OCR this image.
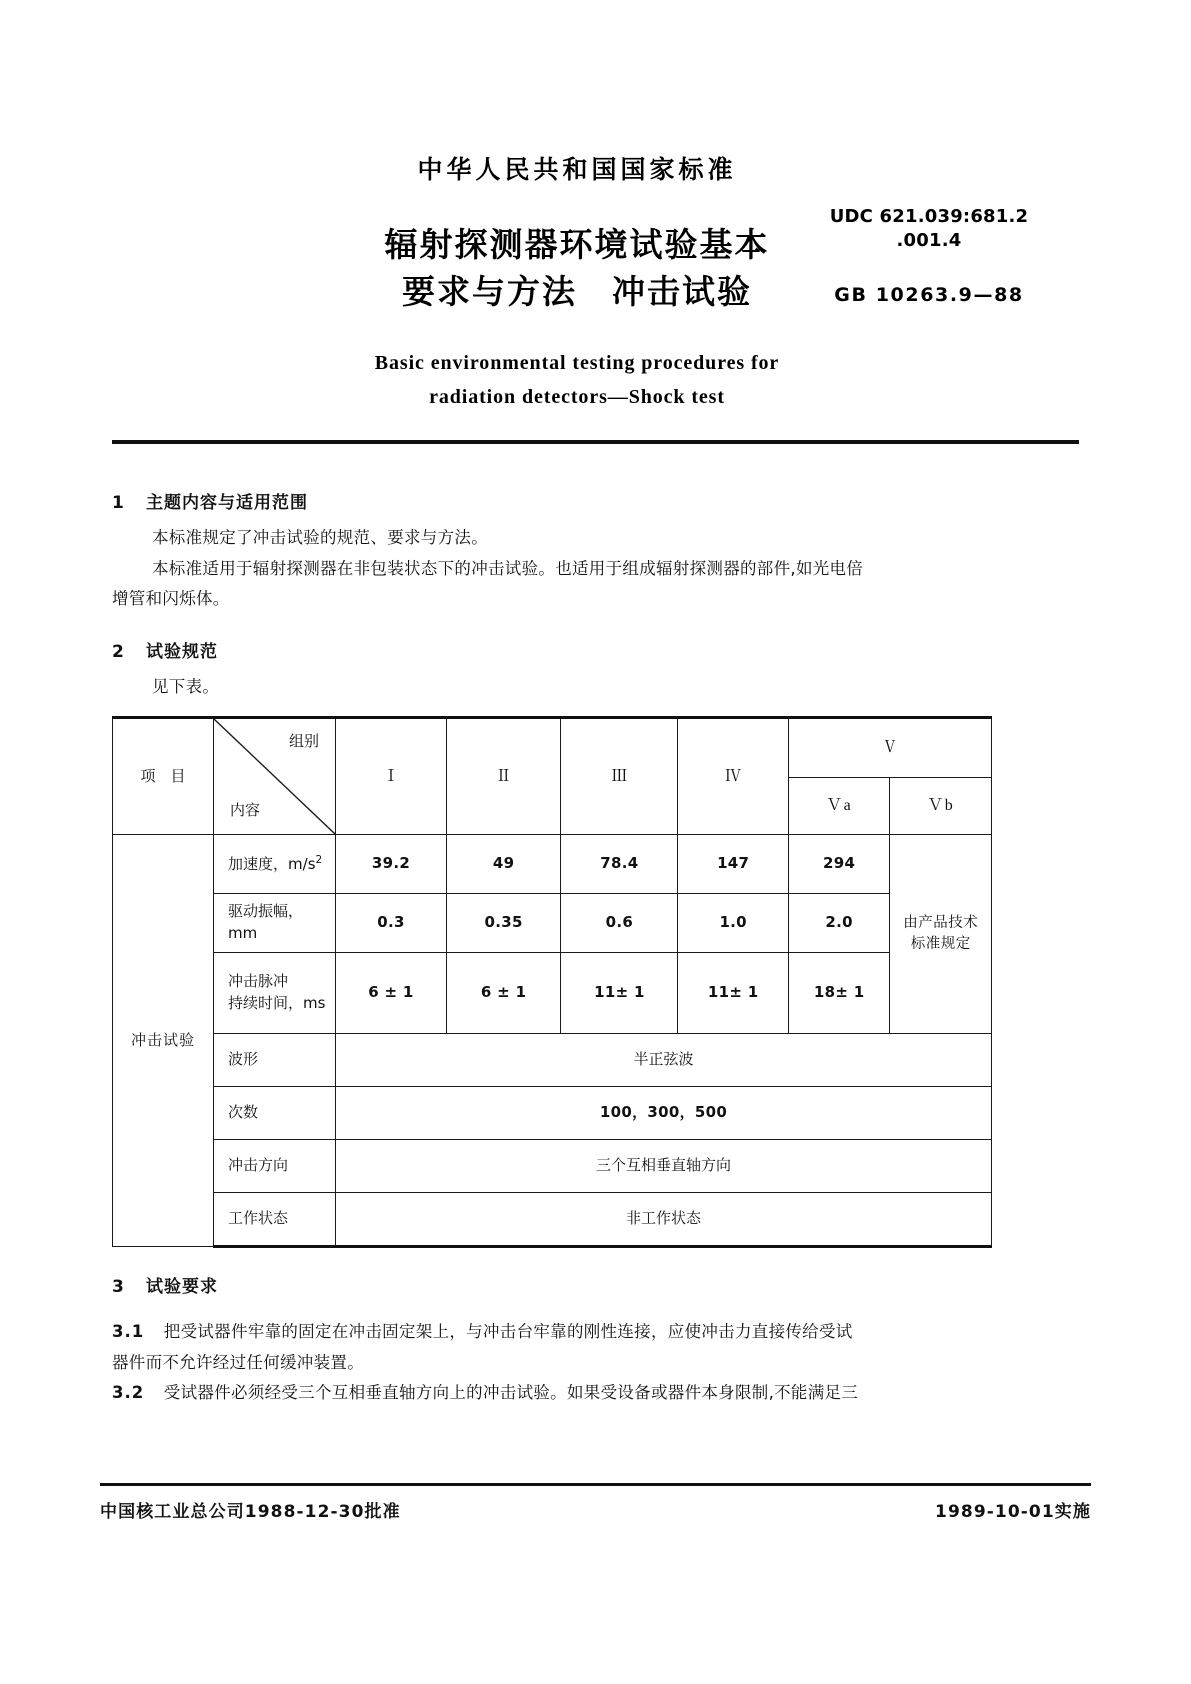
中华人民共和国国家标准
辐射探测器环境试验基本
要求与方法　冲击试验
Basic environmental testing procedures for
radiation detectors—Shock test
UDC 621.039:681.2
.001.4
GB 10263.9—88
1 主题内容与适用范围

本标准规定了冲击试验的规范、要求与方法。

本标准适用于辐射探测器在非包装状态下的冲击试验。也适用于组成辐射探测器的部件,如光电倍

增管和闪烁体。

2 试验规范

见下表。

项　目	组别
内容	Ⅰ	Ⅱ	Ⅲ	Ⅳ	Ⅴ	
						Ｖa	Ｖb
冲击试验	加速度，$m/s^2$	39.2	49	78.4	147	294	由产品技术
标准规定

	驱动振幅，mm	0.3	0.35	0.6	1.0	2.0	

	冲击脉冲
持续时间，ms	6 ± 1	6 ± 1	11± 1	11± 1	18± 1	
	波形	半正弦波					
	次数	100，300，500					
	冲击方向	三个互相垂直轴方向					
	工作状态	非工作状态					
3 试验要求

3.1 把受试器件牢靠的固定在冲击固定架上，与冲击台牢靠的刚性连接，应使冲击力直接传给受试

器件而不允许经过任何缓冲装置。

3.2 受试器件必须经受三个互相垂直轴方向上的冲击试验。如果受设备或器件本身限制,不能满足三

中国核工业总公司1988-12-30批准	1989-10-01实施
